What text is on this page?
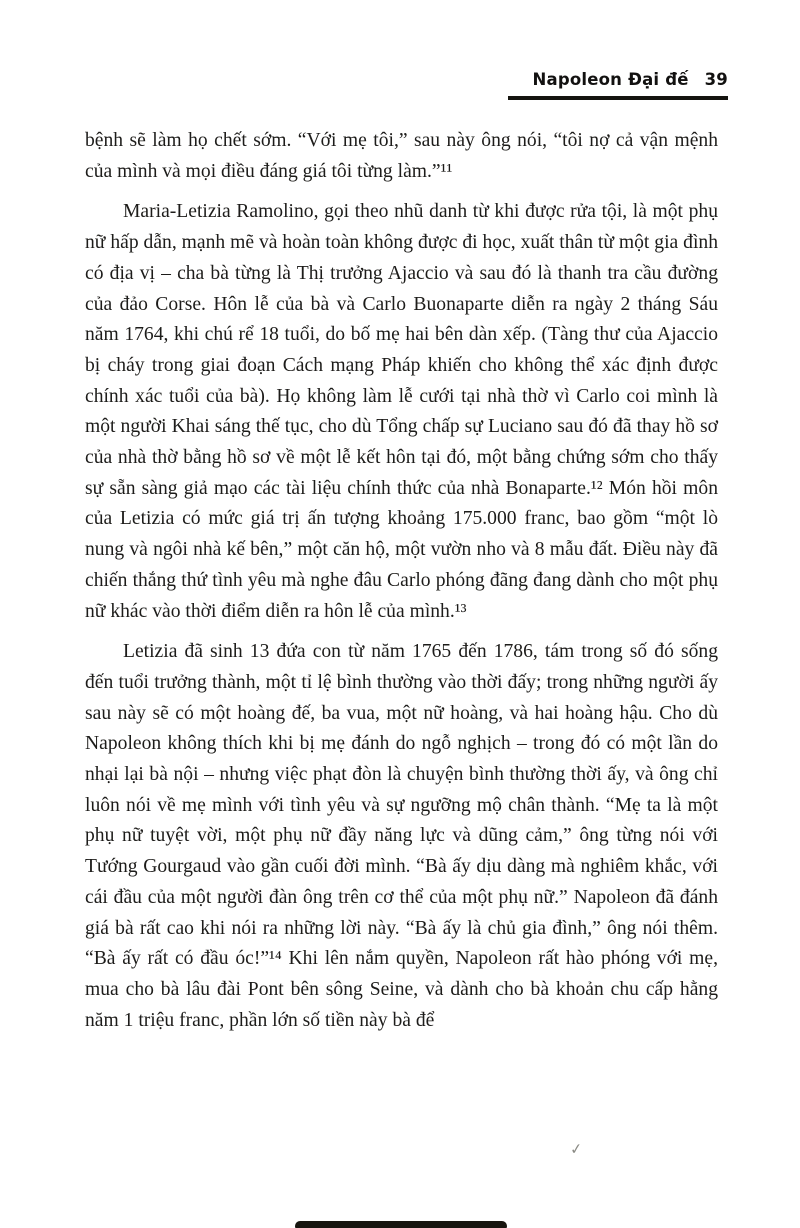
Napoleon Đại đế 39

bệnh sẽ làm họ chết sớm. “Với mẹ tôi,” sau này ông nói, “tôi nợ cả vận mệnh của mình và mọi điều đáng giá tôi từng làm.”¹¹

Maria-Letizia Ramolino, gọi theo nhũ danh từ khi được rửa tội, là một phụ nữ hấp dẫn, mạnh mẽ và hoàn toàn không được đi học, xuất thân từ một gia đình có địa vị – cha bà từng là Thị trưởng Ajaccio và sau đó là thanh tra cầu đường của đảo Corse. Hôn lễ của bà và Carlo Buonaparte diễn ra ngày 2 tháng Sáu năm 1764, khi chú rể 18 tuổi, do bố mẹ hai bên dàn xếp. (Tàng thư của Ajaccio bị cháy trong giai đoạn Cách mạng Pháp khiến cho không thể xác định được chính xác tuổi của bà). Họ không làm lễ cưới tại nhà thờ vì Carlo coi mình là một người Khai sáng thế tục, cho dù Tổng chấp sự Luciano sau đó đã thay hồ sơ của nhà thờ bằng hồ sơ về một lễ kết hôn tại đó, một bằng chứng sớm cho thấy sự sẵn sàng giả mạo các tài liệu chính thức của nhà Bonaparte.¹² Món hồi môn của Letizia có mức giá trị ấn tượng khoảng 175.000 franc, bao gồm “một lò nung và ngôi nhà kế bên,” một căn hộ, một vườn nho và 8 mẫu đất. Điều này đã chiến thắng thứ tình yêu mà nghe đâu Carlo phóng đãng đang dành cho một phụ nữ khác vào thời điểm diễn ra hôn lễ của mình.¹³

Letizia đã sinh 13 đứa con từ năm 1765 đến 1786, tám trong số đó sống đến tuổi trưởng thành, một tỉ lệ bình thường vào thời đấy; trong những người ấy sau này sẽ có một hoàng đế, ba vua, một nữ hoàng, và hai hoàng hậu. Cho dù Napoleon không thích khi bị mẹ đánh do ngỗ nghịch – trong đó có một lần do nhại lại bà nội – nhưng việc phạt đòn là chuyện bình thường thời ấy, và ông chỉ luôn nói về mẹ mình với tình yêu và sự ngưỡng mộ chân thành. “Mẹ ta là một phụ nữ tuyệt vời, một phụ nữ đầy năng lực và dũng cảm,” ông từng nói với Tướng Gourgaud vào gần cuối đời mình. “Bà ấy dịu dàng mà nghiêm khắc, với cái đầu của một người đàn ông trên cơ thể của một phụ nữ.” Napoleon đã đánh giá bà rất cao khi nói ra những lời này. “Bà ấy là chủ gia đình,” ông nói thêm. “Bà ấy rất có đầu óc!”¹⁴ Khi lên nắm quyền, Napoleon rất hào phóng với mẹ, mua cho bà lâu đài Pont bên sông Seine, và dành cho bà khoản chu cấp hằng năm 1 triệu franc, phần lớn số tiền này bà để

✓
